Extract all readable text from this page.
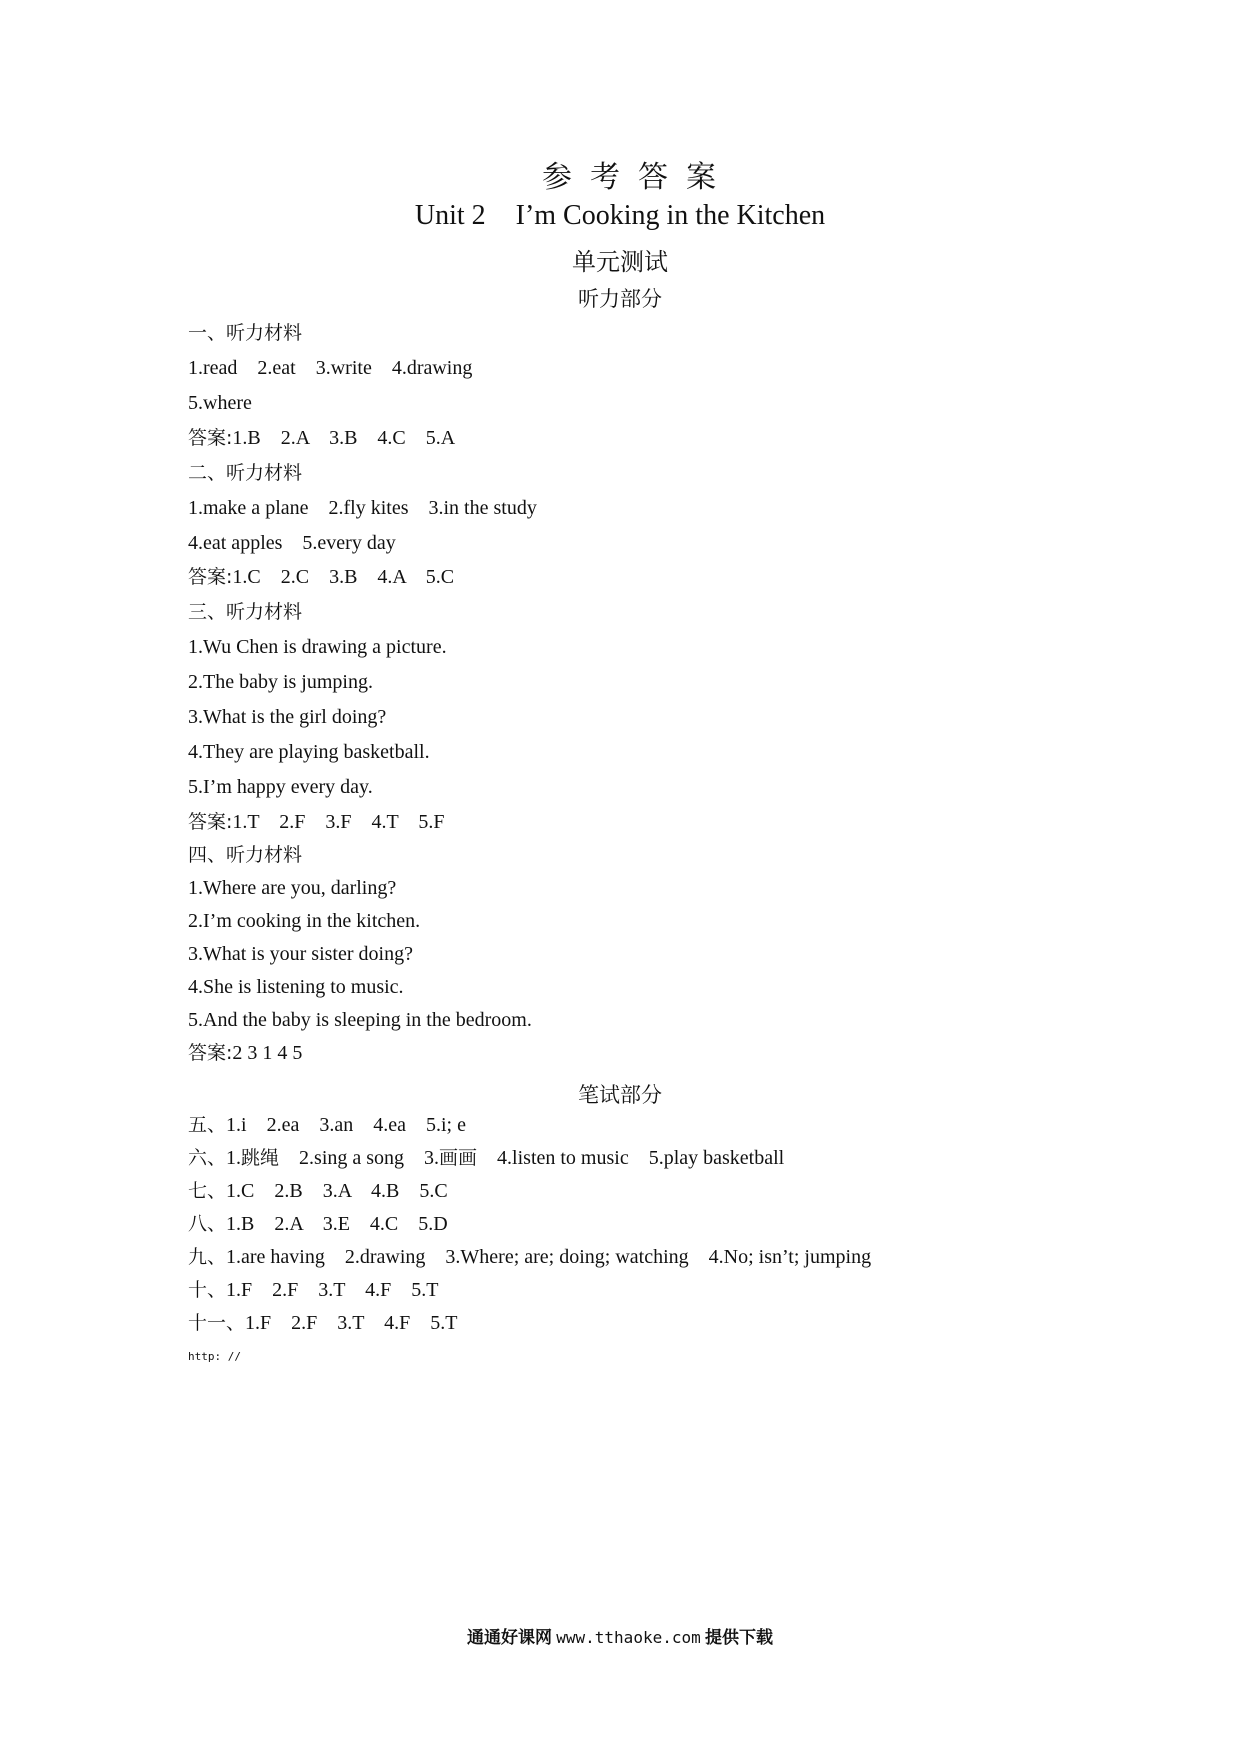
参考答案
Unit 2 I’m Cooking in the Kitchen
单元测试
听力部分
一、听力材料
1.read    2.eat    3.write    4.drawing
5.where
答案:1.B    2.A    3.B    4.C    5.A
二、听力材料
1.make a plane    2.fly kites    3.in the study
4.eat apples    5.every day
答案:1.C    2.C    3.B    4.A    5.C
三、听力材料
1.Wu Chen is drawing a picture.
2.The baby is jumping.
3.What is the girl doing?
4.They are playing basketball.
5.I’m happy every day.
答案:1.T    2.F    3.F    4.T    5.F
四、听力材料
1.Where are you, darling?
2.I’m cooking in the kitchen.
3.What is your sister doing?
4.She is listening to music.
5.And the baby is sleeping in the bedroom.
答案:2 3 1 4 5
笔试部分
五、1.i    2.ea    3.an    4.ea    5.i; e
六、1.跳绳    2.sing a song    3.画画    4.listen to music    5.play basketball
七、1.C    2.B    3.A    4.B    5.C
八、1.B    2.A    3.E    4.C    5.D
九、1.are having    2.drawing    3.Where; are; doing; watching    4.No; isn’t; jumping
十、1.F    2.F    3.T    4.F    5.T
十一、1.F    2.F    3.T    4.F    5.T
http: //
通通好课网 www.tthaoke.com 提供下载
